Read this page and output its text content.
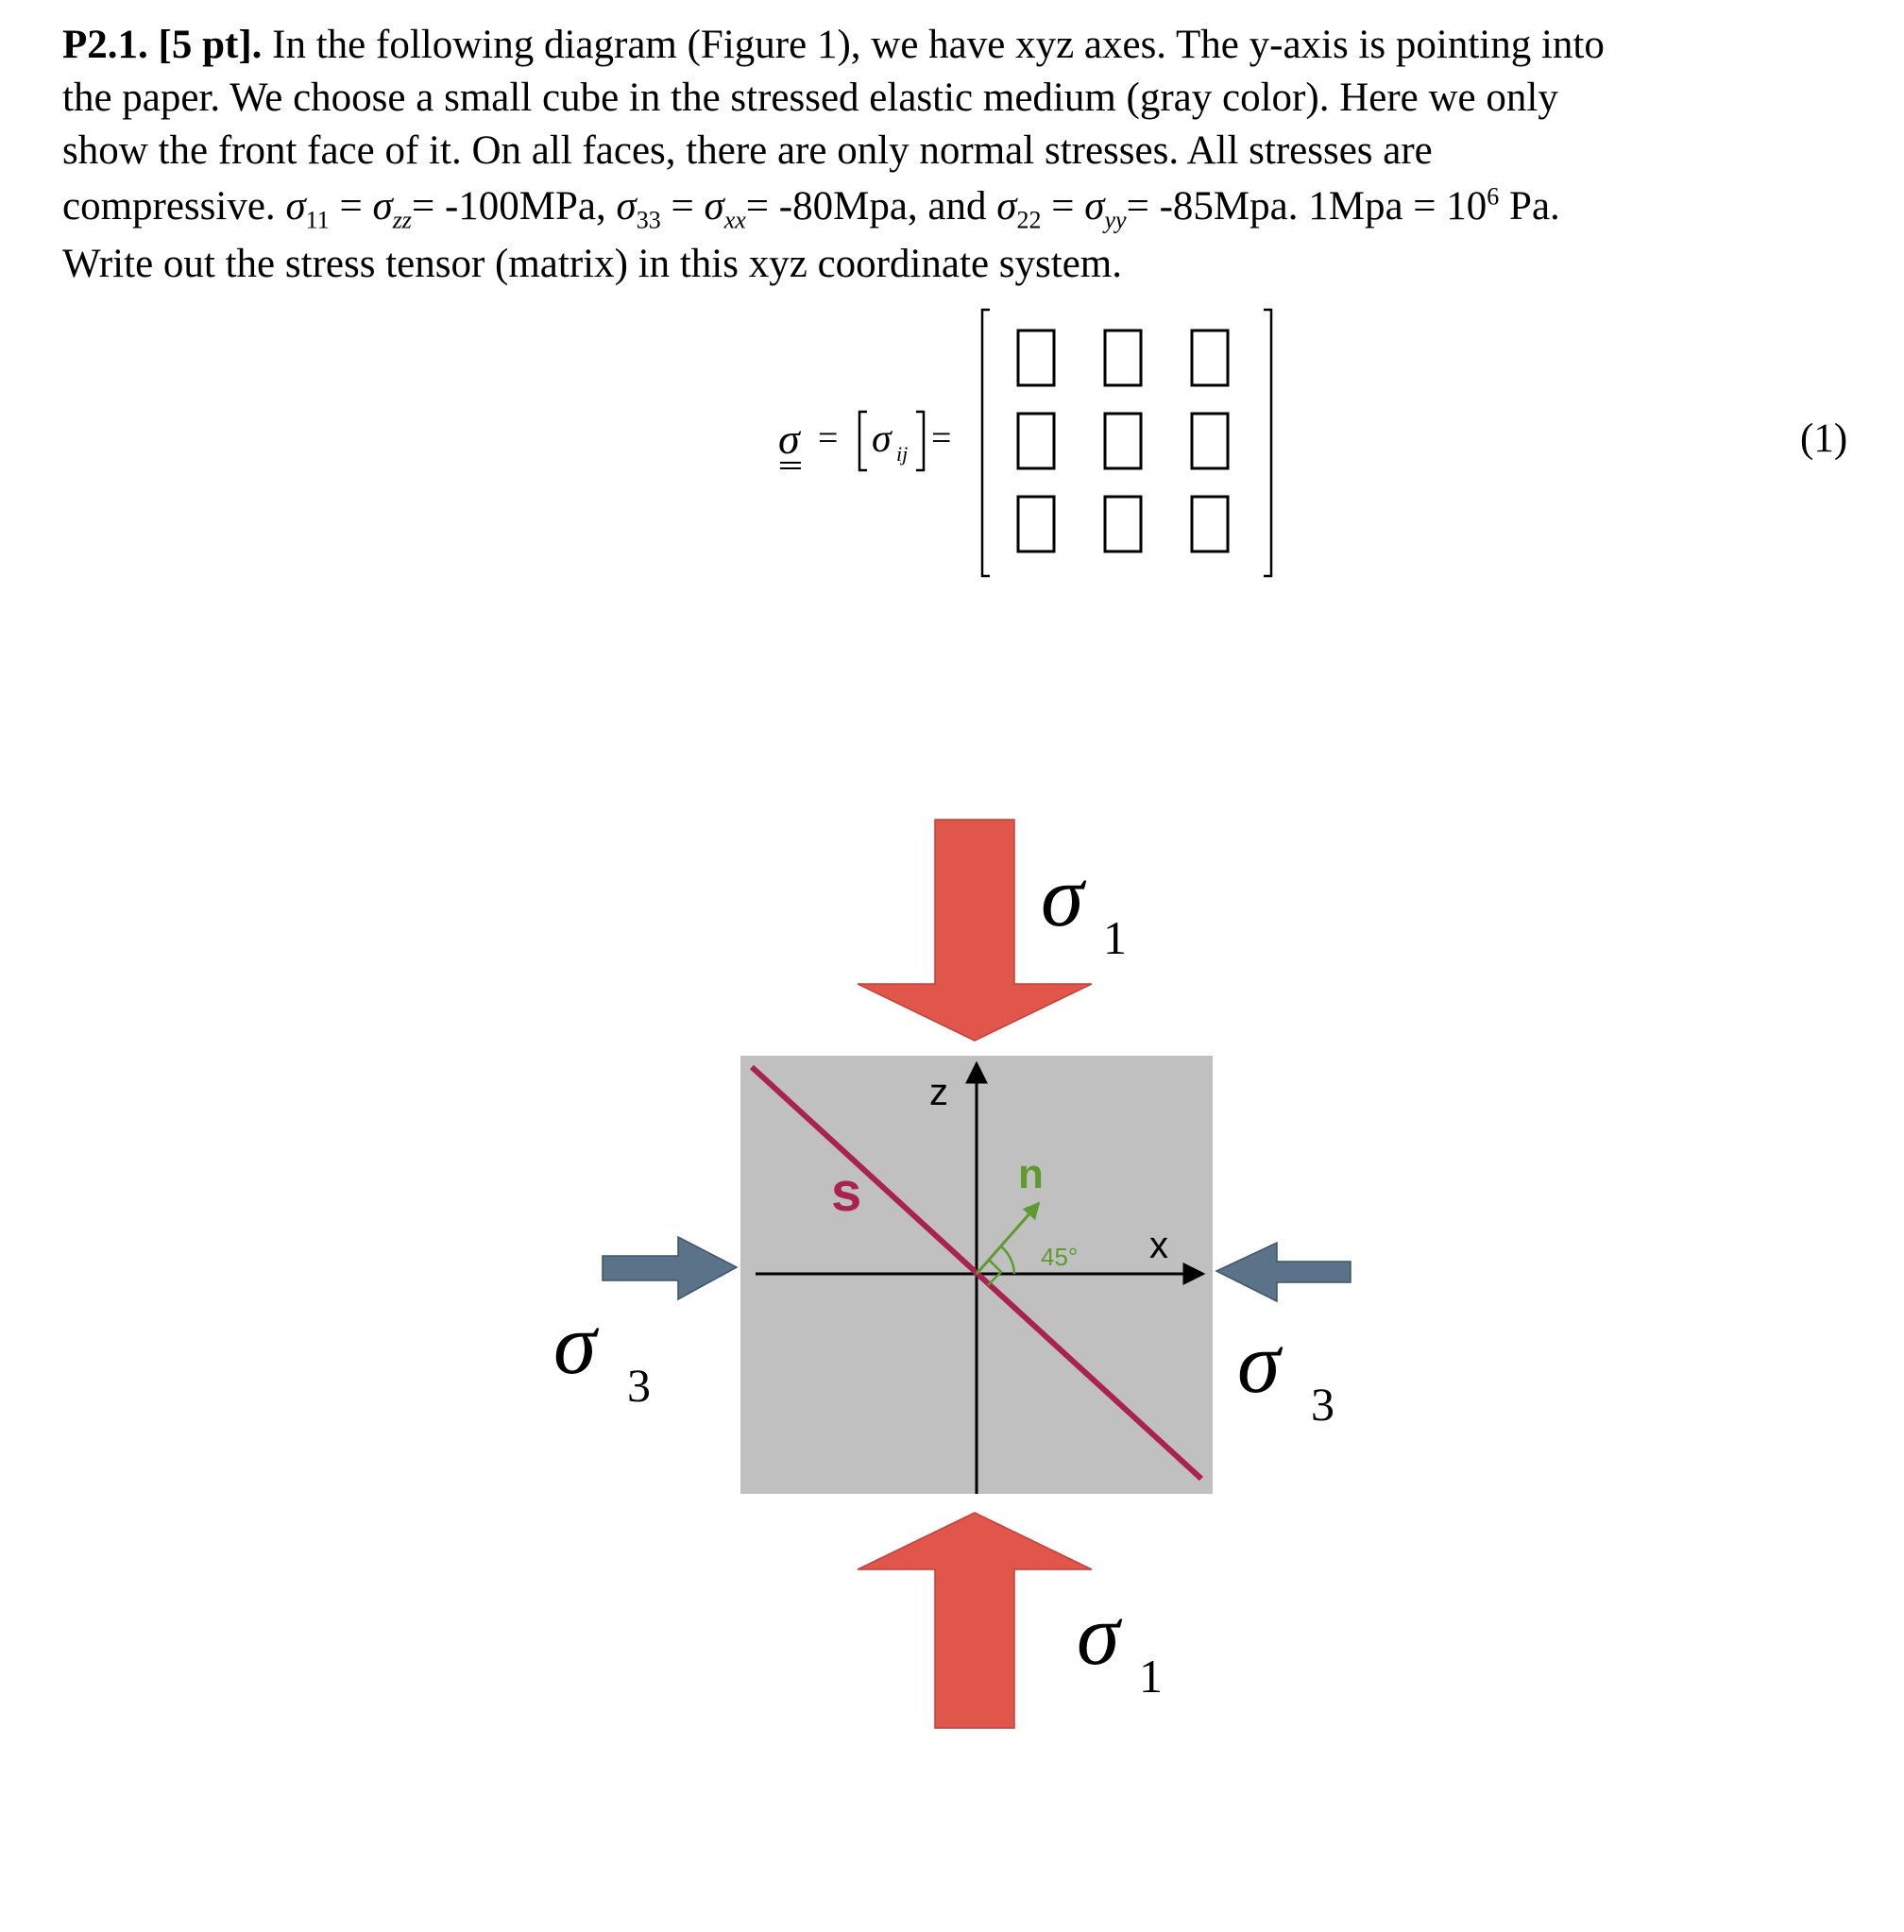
P2.1. [5 pt]. In the following diagram (Figure 1), we have xyz axes. The y-axis is pointing into

the paper. We choose a small cube in the stressed elastic medium (gray color). Here we only

show the front face of it. On all faces, there are only normal stresses. All stresses are

compressive. $\sigma_{11} = \sigma_{zz}= -100MPa$, $\sigma_{33} = \sigma_{xx}= -80Mpa$, and $\sigma_{22} = \sigma_{yy}= -85Mpa$. $1Mpa = 10^6$ Pa.

Write out the stress tensor (matrix) in this xyz coordinate system.

σ = σ ij =	(1)
z
x
n
s
45°
σ 1
σ 1
σ 3	σ 3
